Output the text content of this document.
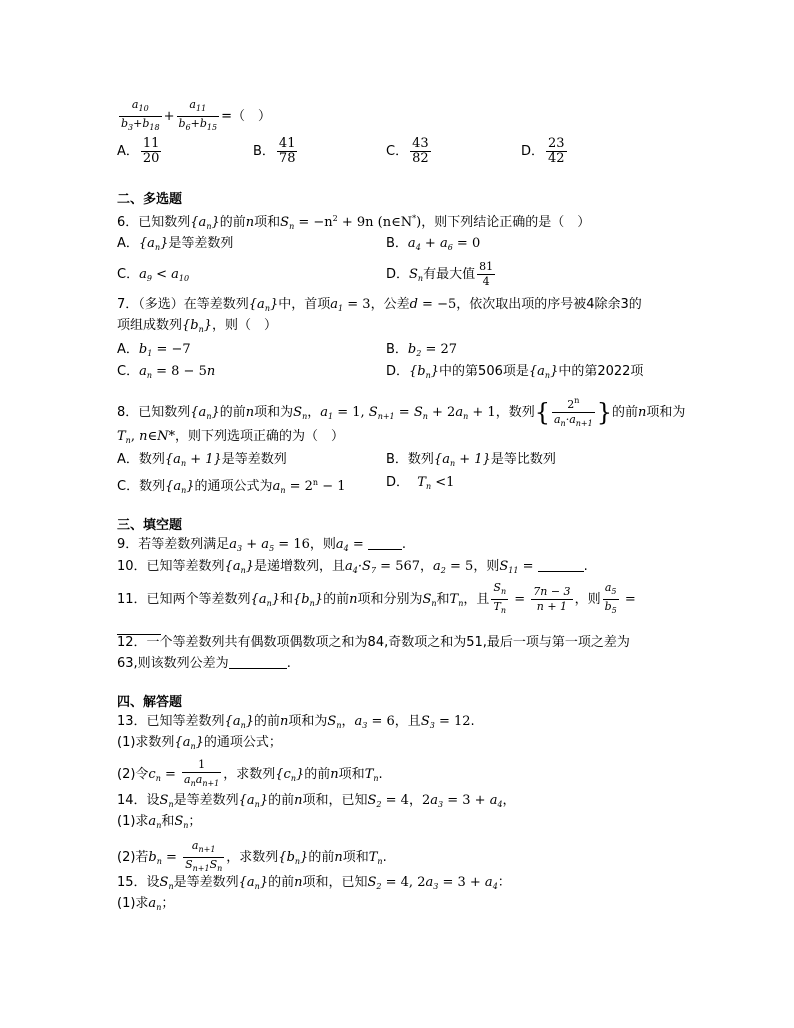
$\frac{a_{10}}{b_3+b_{18}} + \frac{a_{11}}{b_6+b_{15}}$ =（　）
A． $\frac{11}{20}$	B． $\frac{41}{78}$	C． $\frac{43}{82}$	D． $\frac{23}{42}$
二、多选题
6．已知数列$\{a_n\}$的前n项和$S_n = -n^2 + 9n$ (n∈N*)，则下列结论正确的是（　）
A．$\{a_n\}$是等差数列	B．$a_4 + a_6 = 0$
C．$a_9 < a_{10}$	D．$S_n$有最大值 $\frac{81}{4}$
7．（多选）在等差数列$\{a_n\}$中，首项$a_1 = 3$，公差d = −5，依次取出项的序号被4除余3的
项组成数列$\{b_n\}$，则（　）
A．$b_1 = -7$	B．$b_2 = 27$
C．$a_n = 8 - 5n$	D．$\{b_n\}$中的第506项是$\{a_n\}$中的第2022项
8．已知数列$\{a_n\}$的前n项和为$S_n$，$a_1 = 1$, $S_{n+1} = S_n + 2a_n + 1$，数列{ $\frac{2^n}{a_n\cdot a_{n+1}}$ }的前n项和为
$T_n$, n∈N*，则下列选项正确的为（　）
A．数列$\{a_n + 1\}$是等差数列	B．数列$\{a_n + 1\}$是等比数列
C．数列$\{a_n\}$的通项公式为$a_n = 2^n - 1$	D． $T_n <1$
三、填空题
9．若等差数列满足$a_3 + a_5 = 16$，则$a_4$ =	.
10．已知等差数列$\{a_n\}$是递增数列，且$a_4\cdot S_7 = 567$，$a_2 = 5$，则$S_{11}$ =	.
11．已知两个等差数列$\{a_n\}$和$\{b_n\}$的前n项和分别为$S_n$和$T_n$，且 $\frac{S_n}{T_n} = \frac{7n - 3}{n + 1}$ ，则 $\frac{a_5}{b_5}$ =
12．一个等差数列共有偶数项偶数项之和为84,奇数项之和为51,最后一项与第一项之差为
63,则该数列公差为	.
四、解答题
13．已知等差数列$\{a_n\}$的前n项和为$S_n$，$a_3 = 6$，且$S_3 = 12$.
(1)求数列$\{a_n\}$的通项公式；
(2)令$c_n = \frac{1}{a_na_{n+1}}$ ，求数列$\{c_n\}$的前n项和$T_n$.
14．设$S_n$是等差数列$\{a_n\}$的前n项和，已知$S_2 = 4$，$2a_3 = 3 + a_4$，
(1)求$a_n$和$S_n$；
(2)若$b_n = \frac{a_{n+1}}{S_{n+1}S_n}$ ，求数列$\{b_n\}$的前n项和$T_n$.
15．设$S_n$是等差数列$\{a_n\}$的前n项和，已知$S_2 = 4$, $2a_3 = 3 + a_4$：
(1)求$a_n$；
